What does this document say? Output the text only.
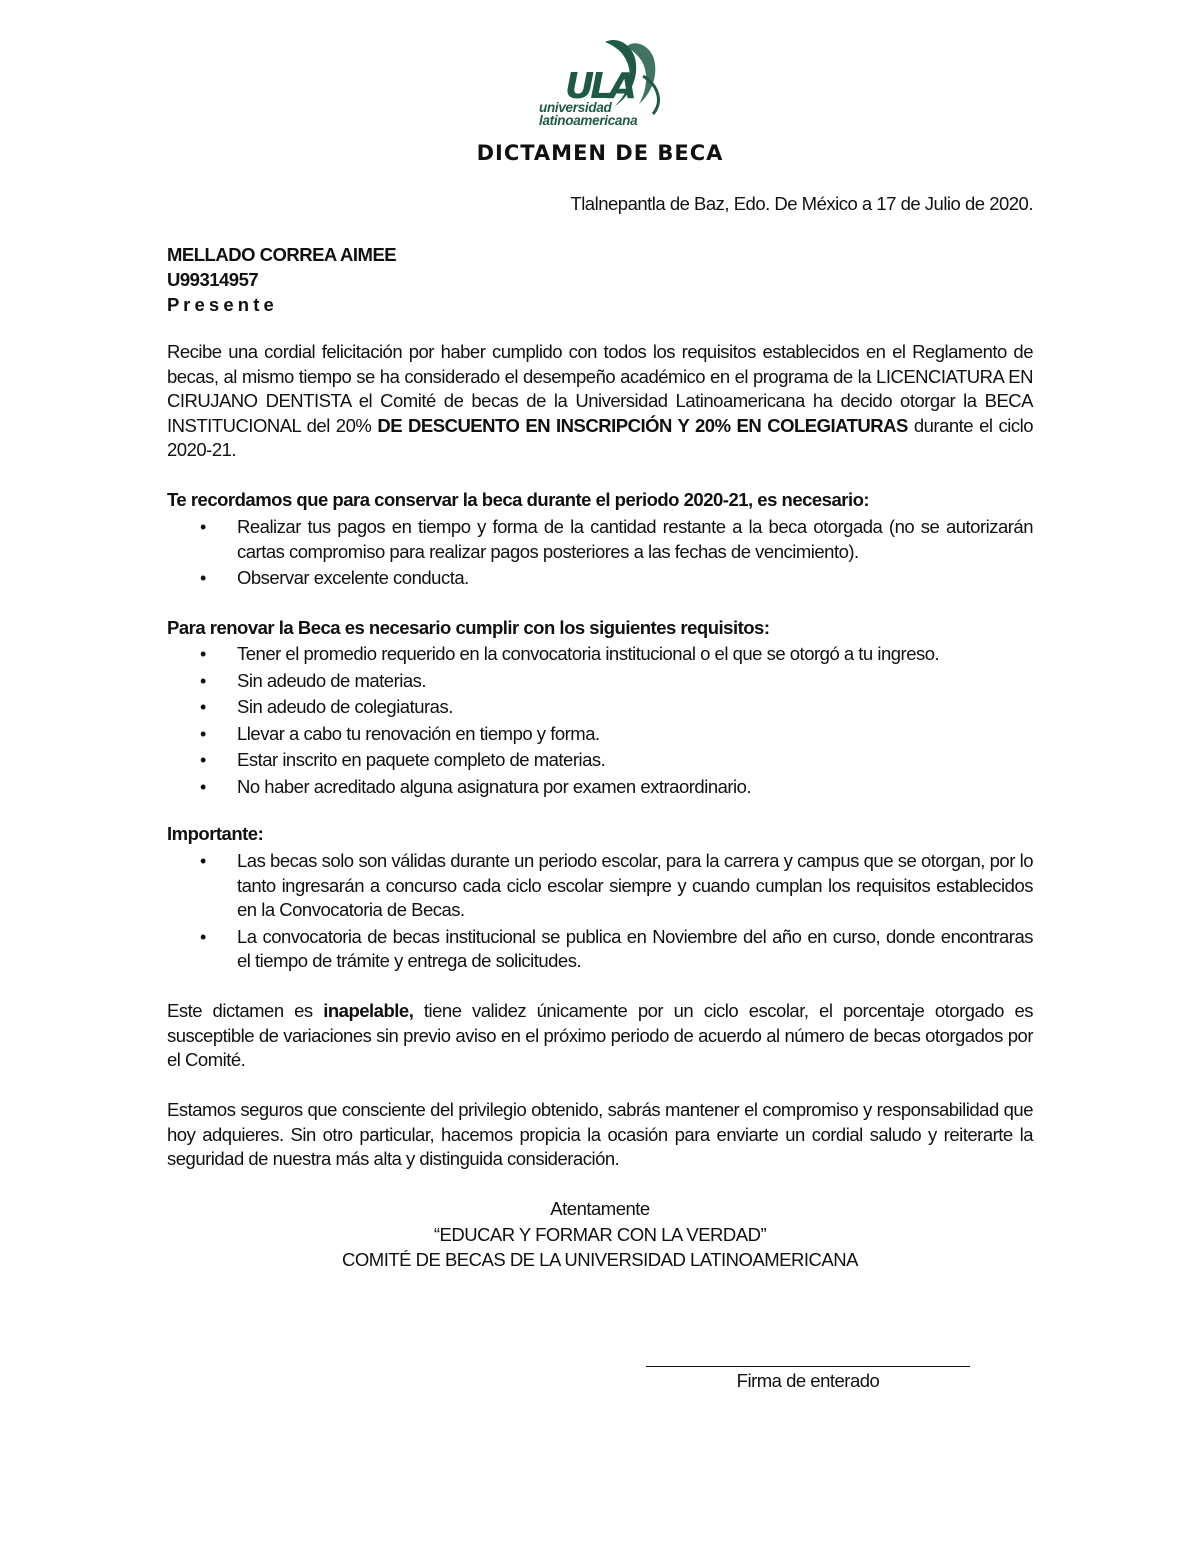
ULA
universidad
latinoamericana
DICTAMEN DE BECA
Tlalnepantla de Baz, Edo. De México a 17 de Julio de 2020.
MELLADO CORREA AIMEE
U99314957
P r e s e n t e
Recibe una cordial felicitación por haber cumplido con todos los requisitos establecidos en el Reglamento de becas, al mismo tiempo se ha considerado el desempeño académico en el programa de la LICENCIATURA EN CIRUJANO DENTISTA el Comité de becas de la Universidad Latinoamericana ha decido otorgar la BECA INSTITUCIONAL del 20% DE DESCUENTO EN INSCRIPCIÓN Y 20% EN COLEGIATURAS durante el ciclo 2020-21.
Te recordamos que para conservar la beca durante el periodo 2020-21, es necesario:
• Realizar tus pagos en tiempo y forma de la cantidad restante a la beca otorgada (no se autorizarán cartas compromiso para realizar pagos posteriores a las fechas de vencimiento).
• Observar excelente conducta.
Para renovar la Beca es necesario cumplir con los siguientes requisitos:
• Tener el promedio requerido en la convocatoria institucional o el que se otorgó a tu ingreso.
• Sin adeudo de materias.
• Sin adeudo de colegiaturas.
• Llevar a cabo tu renovación en tiempo y forma.
• Estar inscrito en paquete completo de materias.
• No haber acreditado alguna asignatura por examen extraordinario.
Importante:
• Las becas solo son válidas durante un periodo escolar, para la carrera y campus que se otorgan, por lo tanto ingresarán a concurso cada ciclo escolar siempre y cuando cumplan los requisitos establecidos en la Convocatoria de Becas.
• La convocatoria de becas institucional se publica en Noviembre del año en curso, donde encontraras el tiempo de trámite y entrega de solicitudes.
Este dictamen es inapelable, tiene validez únicamente por un ciclo escolar, el porcentaje otorgado es susceptible de variaciones sin previo aviso en el próximo periodo de acuerdo al número de becas otorgados por el Comité.
Estamos seguros que consciente del privilegio obtenido, sabrás mantener el compromiso y responsabilidad que hoy adquieres. Sin otro particular, hacemos propicia la ocasión para enviarte un cordial saludo y reiterarte la seguridad de nuestra más alta y distinguida consideración.
Atentamente
“EDUCAR Y FORMAR CON LA VERDAD”
COMITÉ DE BECAS DE LA UNIVERSIDAD LATINOAMERICANA
Firma de enterado
